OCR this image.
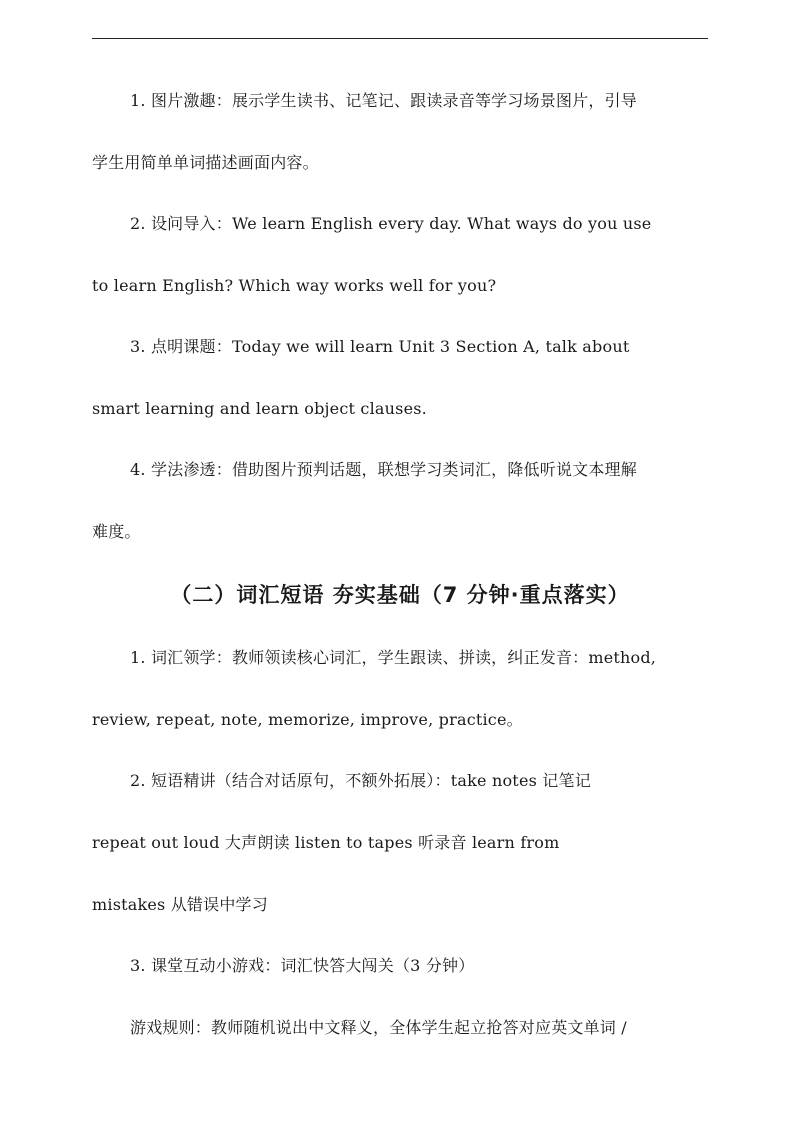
1. 图片激趣：展示学生读书、记笔记、跟读录音等学习场景图片，引导
学生用简单单词描述画面内容。
2. 设问导入：We learn English every day. What ways do you use
to learn English? Which way works well for you?
3. 点明课题：Today we will learn Unit 3 Section A, talk about
smart learning and learn object clauses.
4. 学法渗透：借助图片预判话题，联想学习类词汇，降低听说文本理解
难度。
（二）词汇短语 夯实基础（7 分钟·重点落实）
1. 词汇领学：教师领读核心词汇，学生跟读、拼读，纠正发音：method,
review, repeat, note, memorize, improve, practice。
2. 短语精讲（结合对话原句，不额外拓展）：take notes 记笔记
repeat out loud 大声朗读 listen to tapes 听录音 learn from
mistakes 从错误中学习
3. 课堂互动小游戏：词汇快答大闯关（3 分钟）
游戏规则：教师随机说出中文释义，全体学生起立抢答对应英文单词 /
